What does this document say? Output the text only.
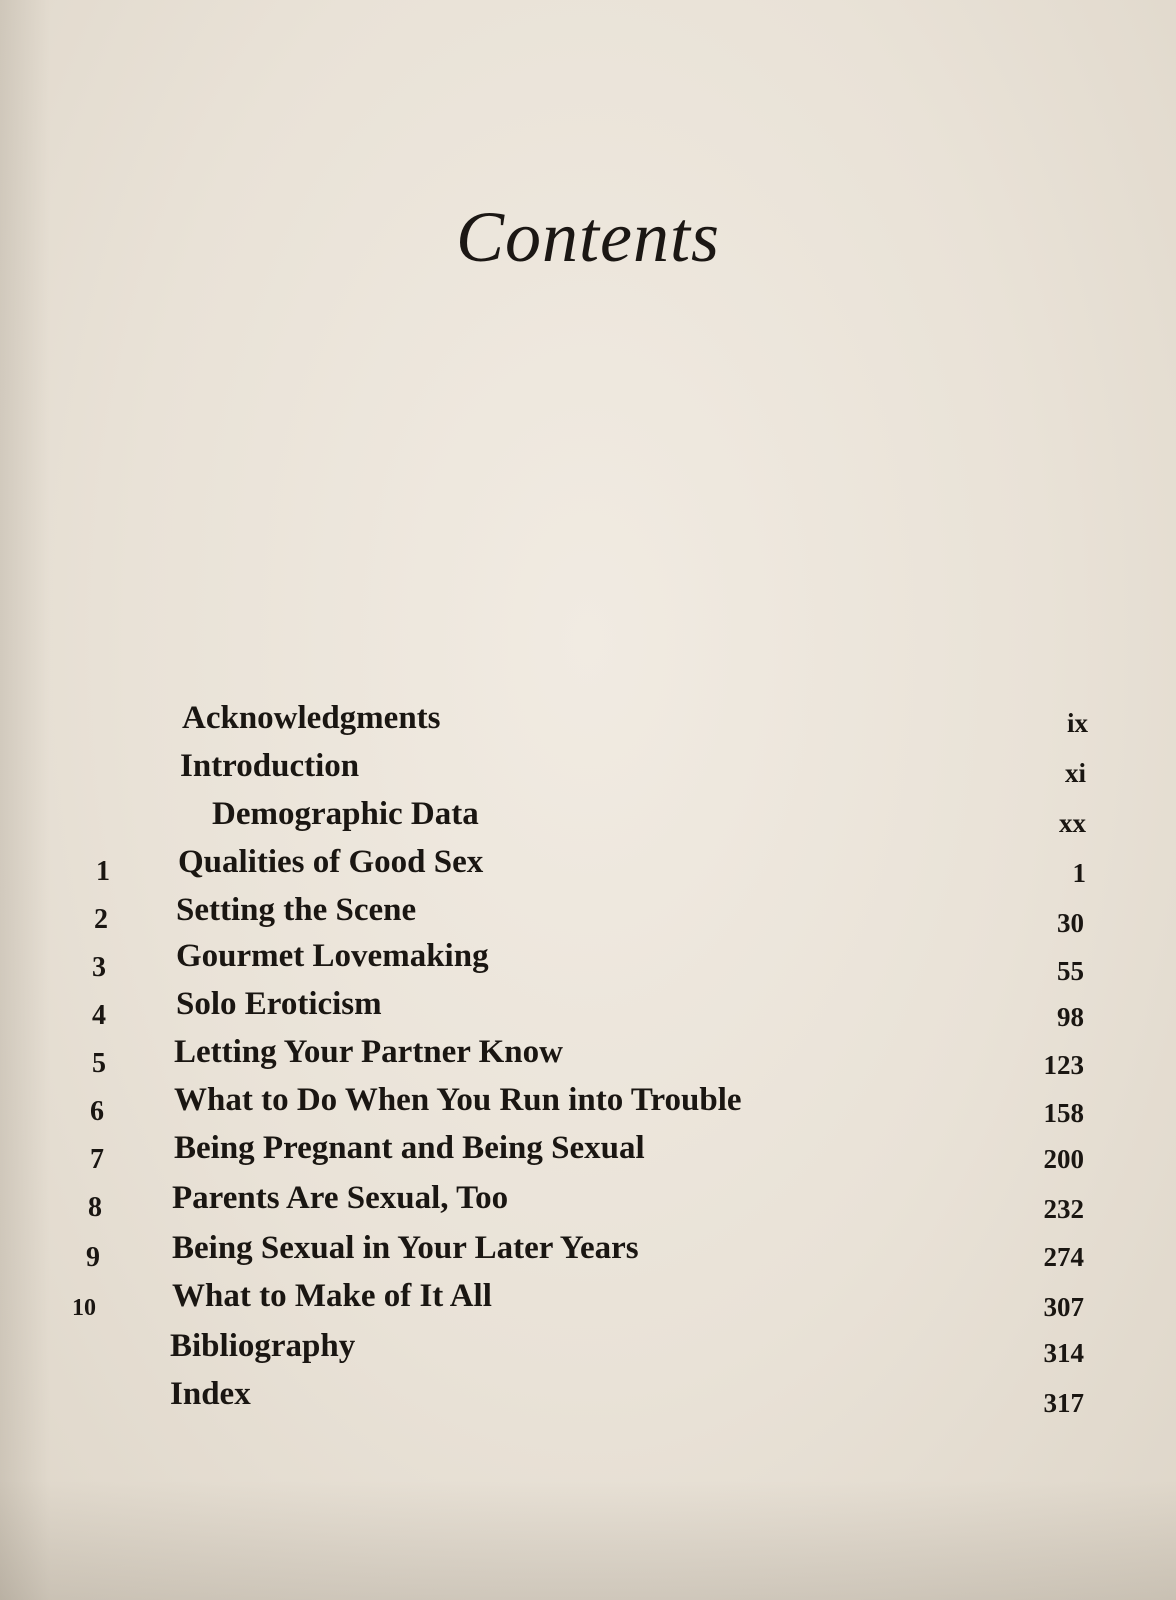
Contents
Acknowledgments	ix
Introduction	xi
Demographic Data	xx
1 Qualities of Good Sex	1
2 Setting the Scene	30
3 Gourmet Lovemaking	55
4 Solo Eroticism	98
5 Letting Your Partner Know	123
6 What to Do When You Run into Trouble	158
7 Being Pregnant and Being Sexual	200
8 Parents Are Sexual, Too	232
9 Being Sexual in Your Later Years	274
10 What to Make of It All	307
Bibliography	314
Index	317
